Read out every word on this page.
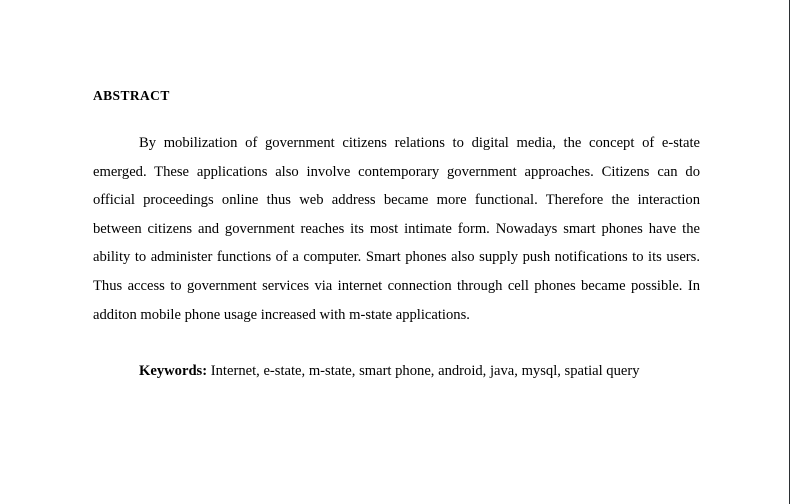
ABSTRACT

By mobilization of government citizens relations to digital media, the concept of e-state emerged. These applications also involve contemporary government approaches. Citizens can do official proceedings online thus web address became more functional. Therefore the interaction between citizens and government reaches its most intimate form. Nowadays smart phones have the ability to administer functions of a computer. Smart phones also supply push notifications to its users. Thus access to government services via internet connection through cell phones became possible. In additon mobile phone usage increased with m-state applications.

Keywords: Internet, e-state, m-state, smart phone, android, java, mysql, spatial query
